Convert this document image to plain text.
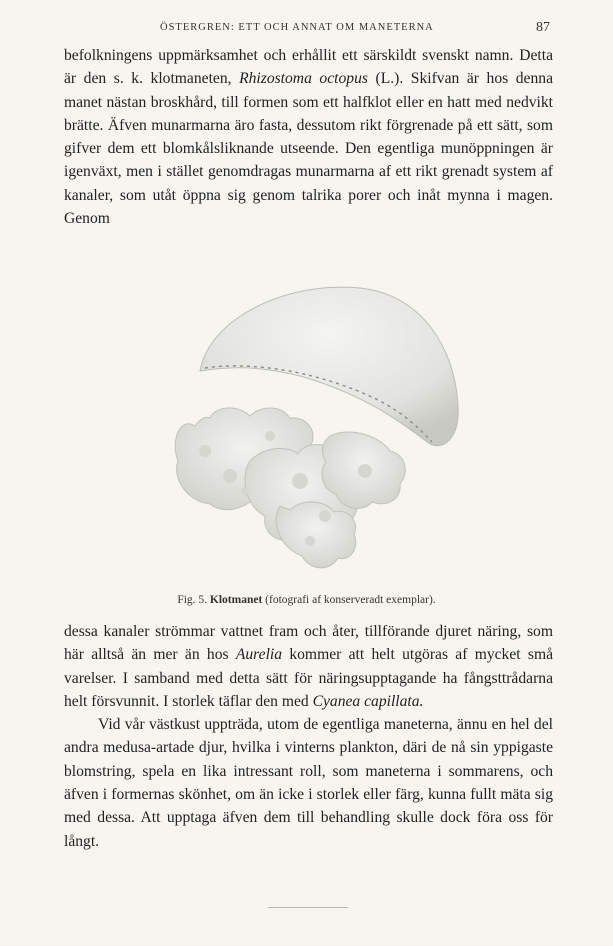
ÖSTERGREN: ETT OCH ANNAT OM MANETERNA	87

befolkningens uppmärksamhet och erhållit ett särskildt svenskt namn. Detta är den s. k. klotmaneten, Rhizostoma octopus (L.). Skifvan är hos denna manet nästan broskhård, till formen som ett halfklot eller en hatt med nedvikt brätte. Äfven munarmarna äro fasta, dessutom rikt förgrenade på ett sätt, som gifver dem ett blomkålsliknande utseende. Den egentliga munöppningen är igenväxt, men i stället genomdragas munarmarna af ett rikt grenadt system af kanaler, som utåt öppna sig genom talrika porer och inåt mynna i magen. Genom

Fig. 5. Klotmanet (fotografi af konserveradt exemplar).

dessa kanaler strömmar vattnet fram och åter, tillförande djuret näring, som här alltså än mer än hos Aurelia kommer att helt utgöras af mycket små varelser. I samband med detta sätt för näringsupptagande ha fångsttrådarna helt försvunnit. I storlek täflar den med Cyanea capillata.

Vid vår västkust uppträda, utom de egentliga maneterna, ännu en hel del andra medusa-artade djur, hvilka i vinterns plankton, däri de nå sin yppigaste blomstring, spela en lika intressant roll, som maneterna i sommarens, och äfven i formernas skönhet, om än icke i storlek eller färg, kunna fullt mäta sig med dessa. Att upptaga äfven dem till behandling skulle dock föra oss för långt.
